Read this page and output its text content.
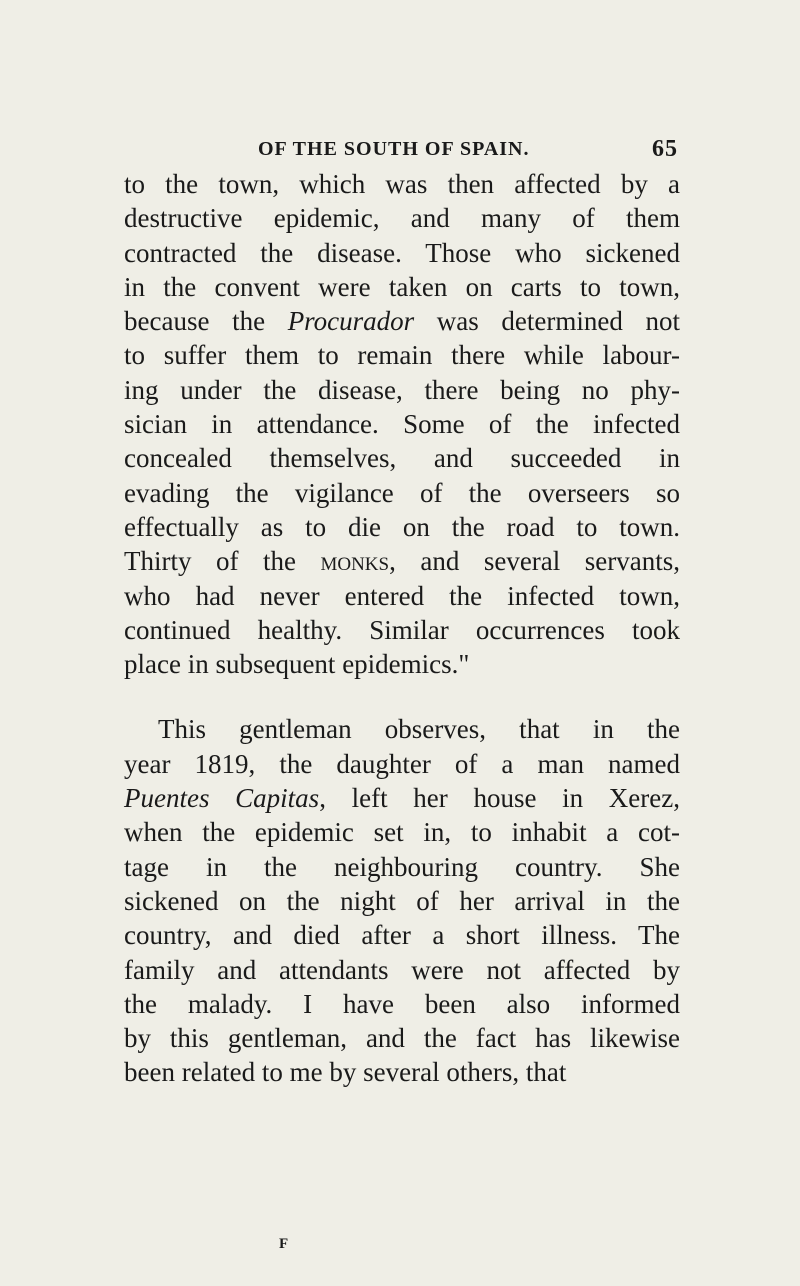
OF THE SOUTH OF SPAIN.	65
to the town, which was then affected by a
destructive epidemic, and many of them
contracted the disease. Those who sickened
in the convent were taken on carts to town,
because the Procurador was determined not
to suffer them to remain there while labour-
ing under the disease, there being no phy-
sician in attendance. Some of the infected
concealed themselves, and succeeded in
evading the vigilance of the overseers so
effectually as to die on the road to town.
Thirty of the monks, and several servants,
who had never entered the infected town,
continued healthy. Similar occurrences took
place in subsequent epidemics."
This gentleman observes, that in the
year 1819, the daughter of a man named
Puentes Capitas, left her house in Xerez,
when the epidemic set in, to inhabit a cot-
tage in the neighbouring country. She
sickened on the night of her arrival in the
country, and died after a short illness. The
family and attendants were not affected by
the malady. I have been also informed
by this gentleman, and the fact has likewise
been related to me by several others, that
F
